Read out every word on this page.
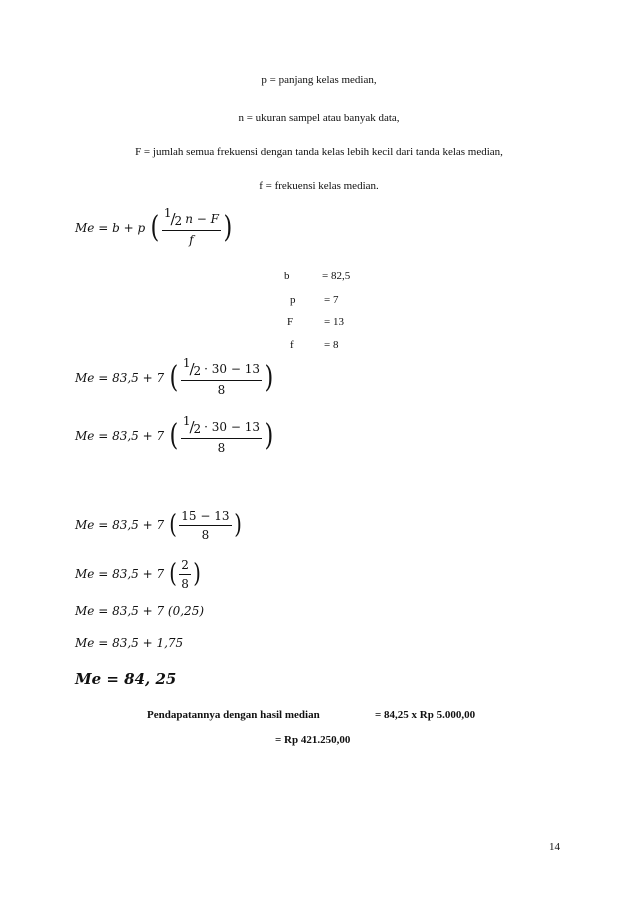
p = panjang kelas median,
n = ukuran sampel atau banyak data,
F = jumlah semua frekuensi dengan tanda kelas lebih kecil dari tanda kelas median,
f = frekuensi kelas median.
Me = b + p ( $\frac{1 / 2 n - F}{f}$ )
b	= 82,5
p	= 7
F	= 13
f	= 8
Me = 83,5 + 7 ( $\frac{1 / 2 \cdot 30 - 13}{8}$ )
Me = 83,5 + 7 ( $\frac{1 / 2 \cdot 30 - 13}{8}$ )
Me = 83,5 + 7 ( $\frac{15 - 13}{8}$ )
Me = 83,5 + 7 ( $\frac{2}{8}$ )
Me = 83,5 + 7 (0,25)
Me = 83,5 + 1,75
Me = 84, 25
Pendapatannya dengan hasil median	= 84,25 x Rp 5.000,00
= Rp 421.250,00
14
